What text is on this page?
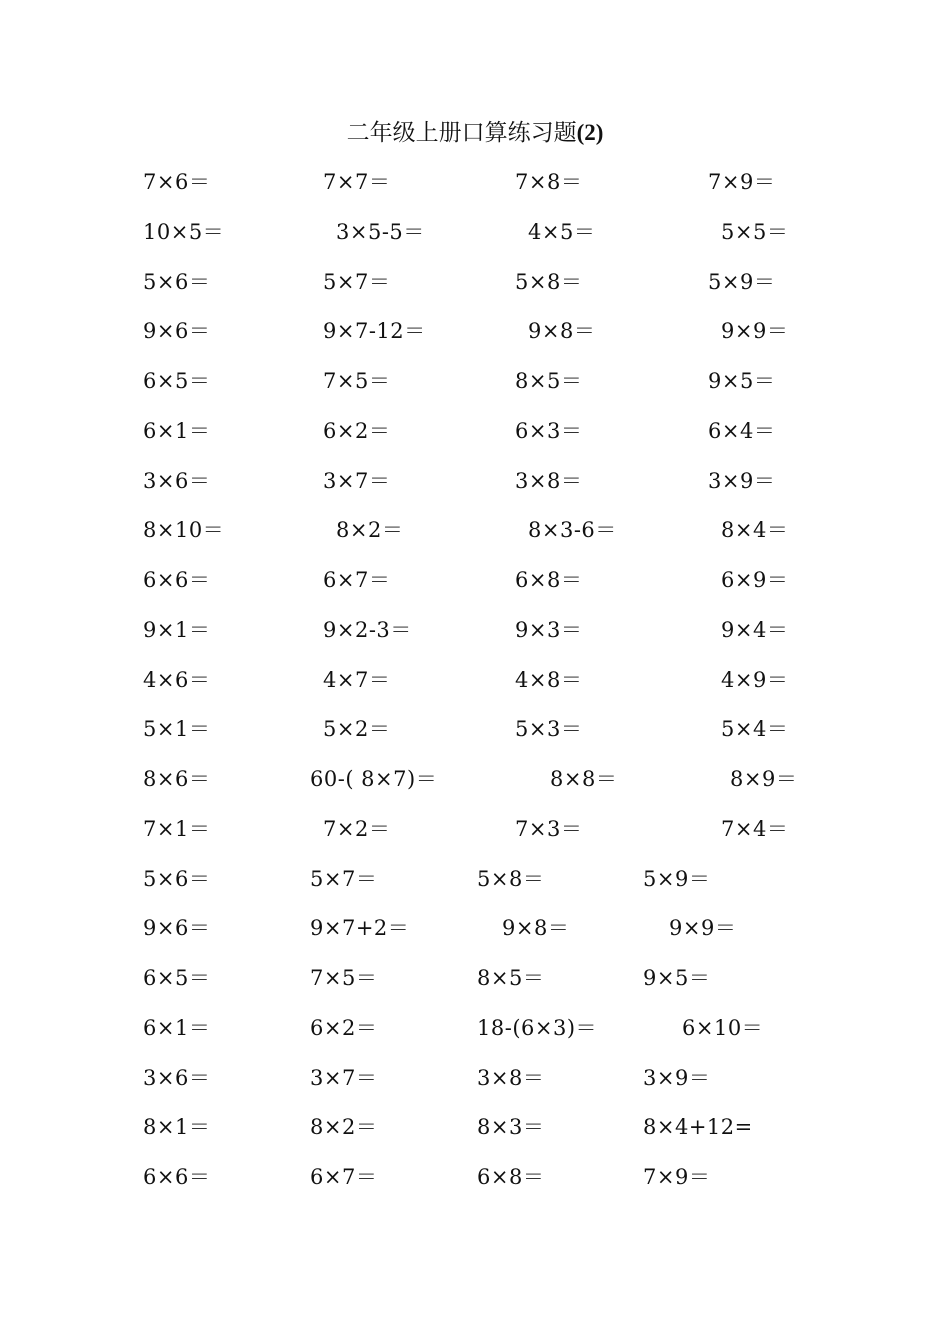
二年级上册口算练习题(2)
7×6＝	7×7＝	7×8＝	7×9＝
10×5＝	3×5-5＝	4×5＝	5×5＝
5×6＝	5×7＝	5×8＝	5×9＝
9×6＝	9×7-12＝	9×8＝	9×9＝
6×5＝	7×5＝	8×5＝	9×5＝
6×1＝	6×2＝	6×3＝	6×4＝
3×6＝	3×7＝	3×8＝	3×9＝
8×10＝	8×2＝	8×3-6＝	8×4＝
6×6＝	6×7＝	6×8＝	6×9＝
9×1＝	9×2-3＝	9×3＝	9×4＝
4×6＝	4×7＝	4×8＝	4×9＝
5×1＝	5×2＝	5×3＝	5×4＝
8×6＝	60-( 8×7)＝	8×8＝	8×9＝
7×1＝	7×2＝	7×3＝	7×4＝
5×6＝	5×7＝	5×8＝	5×9＝
9×6＝	9×7+2＝	9×8＝	9×9＝
6×5＝	7×5＝	8×5＝	9×5＝
6×1＝	6×2＝	18-(6×3)＝	6×10＝
3×6＝	3×7＝	3×8＝	3×9＝
8×1＝	8×2＝	8×3＝	8×4+12=
6×6＝	6×7＝	6×8＝	7×9＝
